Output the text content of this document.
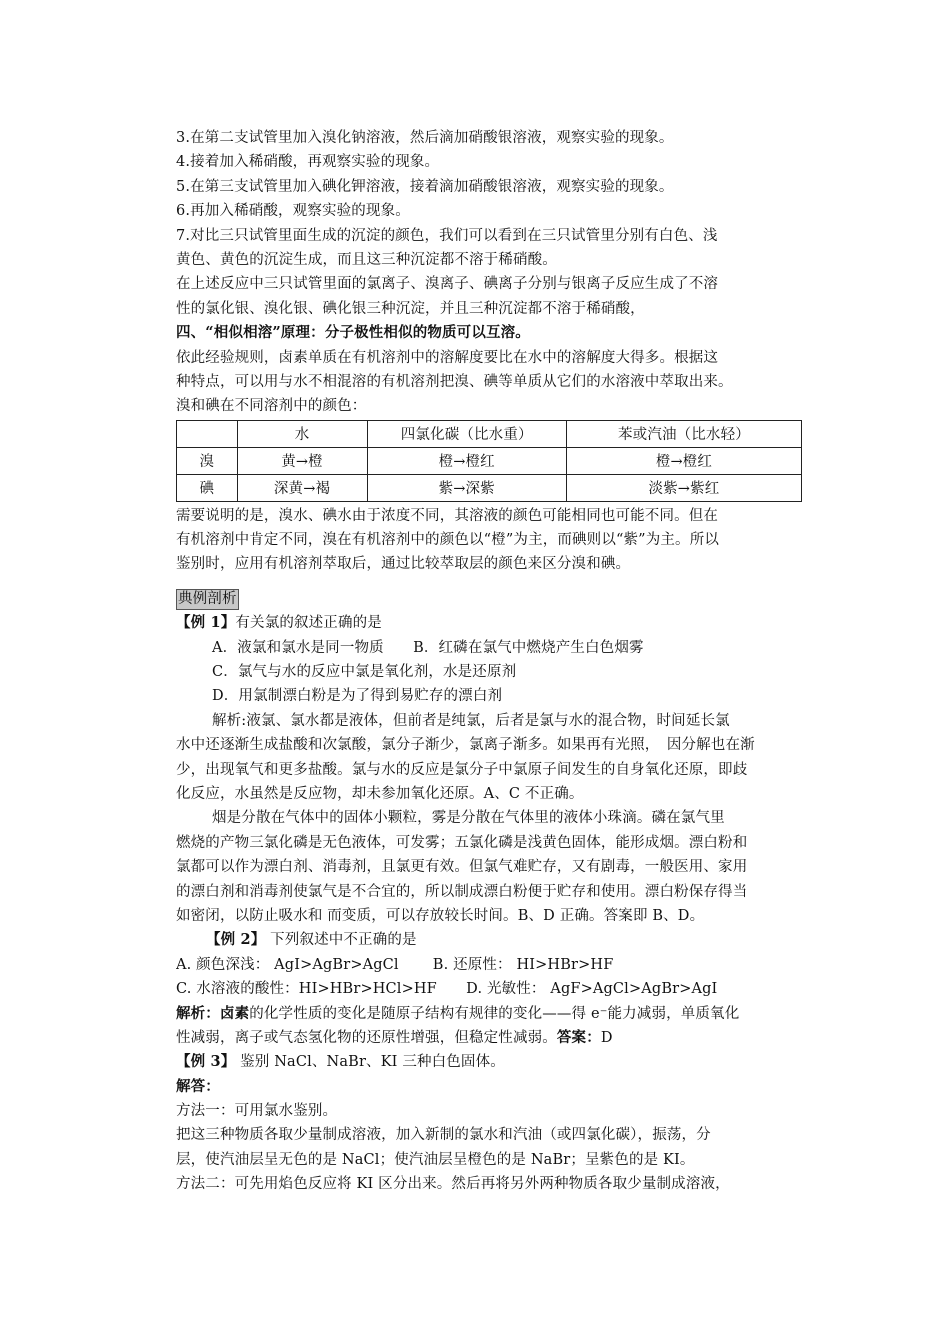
3.在第二支试管里加入溴化钠溶液，然后滴加硝酸银溶液，观察实验的现象。
4.接着加入稀硝酸，再观察实验的现象。
5.在第三支试管里加入碘化钾溶液，接着滴加硝酸银溶液，观察实验的现象。
6.再加入稀硝酸，观察实验的现象。
7.对比三只试管里面生成的沉淀的颜色，我们可以看到在三只试管里分别有白色、浅
黄色、黄色的沉淀生成，而且这三种沉淀都不溶于稀硝酸。
在上述反应中三只试管里面的氯离子、溴离子、碘离子分别与银离子反应生成了不溶
性的氯化银、溴化银、碘化银三种沉淀，并且三种沉淀都不溶于稀硝酸，
四、“相似相溶”原理：分子极性相似的物质可以互溶。
依此经验规则，卤素单质在有机溶剂中的溶解度要比在水中的溶解度大得多。根据这
种特点，可以用与水不相混溶的有机溶剂把溴、碘等单质从它们的水溶液中萃取出来。
溴和碘在不同溶剂中的颜色：
	水	四氯化碳（比水重）	苯或汽油（比水轻）
溴	黄→橙	橙→橙红	橙→橙红
碘	深黄→褐	紫→深紫	淡紫→紫红
需要说明的是，溴水、碘水由于浓度不同，其溶液的颜色可能相同也可能不同。但在
有机溶剂中肯定不同，溴在有机溶剂中的颜色以“橙”为主，而碘则以“紫”为主。所以
鉴别时，应用有机溶剂萃取后，通过比较萃取层的颜色来区分溴和碘。
典例剖析
【例 1】有关氯的叙述正确的是
A．液氯和氯水是同一物质　　B．红磷在氯气中燃烧产生白色烟雾
C．氯气与水的反应中氯是氧化剂，水是还原剂
D．用氯制漂白粉是为了得到易贮存的漂白剂
解析:液氯、氯水都是液体，但前者是纯氯，后者是氯与水的混合物，时间延长氯
水中还逐渐生成盐酸和次氯酸，氯分子渐少，氯离子渐多。如果再有光照，　因分解也在渐
少，出现氧气和更多盐酸。氯与水的反应是氯分子中氯原子间发生的自身氧化还原，即歧
化反应，水虽然是反应物，却未参加氧化还原。A、C 不正确。
烟是分散在气体中的固体小颗粒，雾是分散在气体里的液体小珠滴。磷在氯气里
燃烧的产物三氯化磷是无色液体，可发雾；五氯化磷是浅黄色固体，能形成烟。漂白粉和
氯都可以作为漂白剂、消毒剂，且氯更有效。但氯气难贮存，又有剧毒，一般医用、家用
的漂白剂和消毒剂使氯气是不合宜的，所以制成漂白粉便于贮存和使用。漂白粉保存得当
如密闭，以防止吸水和 而变质，可以存放较长时间。B、D 正确。答案即 B、D。
【例 2】 下列叙述中不正确的是
A. 颜色深浅： AgI>AgBr>AgCl　　 B. 还原性： HI>HBr>HF
C. 水溶液的酸性：HI>HBr>HCl>HF　　D. 光敏性： AgF>AgCl>AgBr>AgI
解析：卤素的化学性质的变化是随原子结构有规律的变化——得 e⁻能力减弱，单质氧化
性减弱，离子或气态氢化物的还原性增强，但稳定性减弱。答案：D
【例 3】 鉴别 NaCl、NaBr、KI 三种白色固体。
解答：
方法一：可用氯水鉴别。
把这三种物质各取少量制成溶液，加入新制的氯水和汽油（或四氯化碳），振荡，分
层，使汽油层呈无色的是 NaCl；使汽油层呈橙色的是 NaBr；呈紫色的是 KI。
方法二：可先用焰色反应将 KI 区分出来。然后再将另外两种物质各取少量制成溶液，
